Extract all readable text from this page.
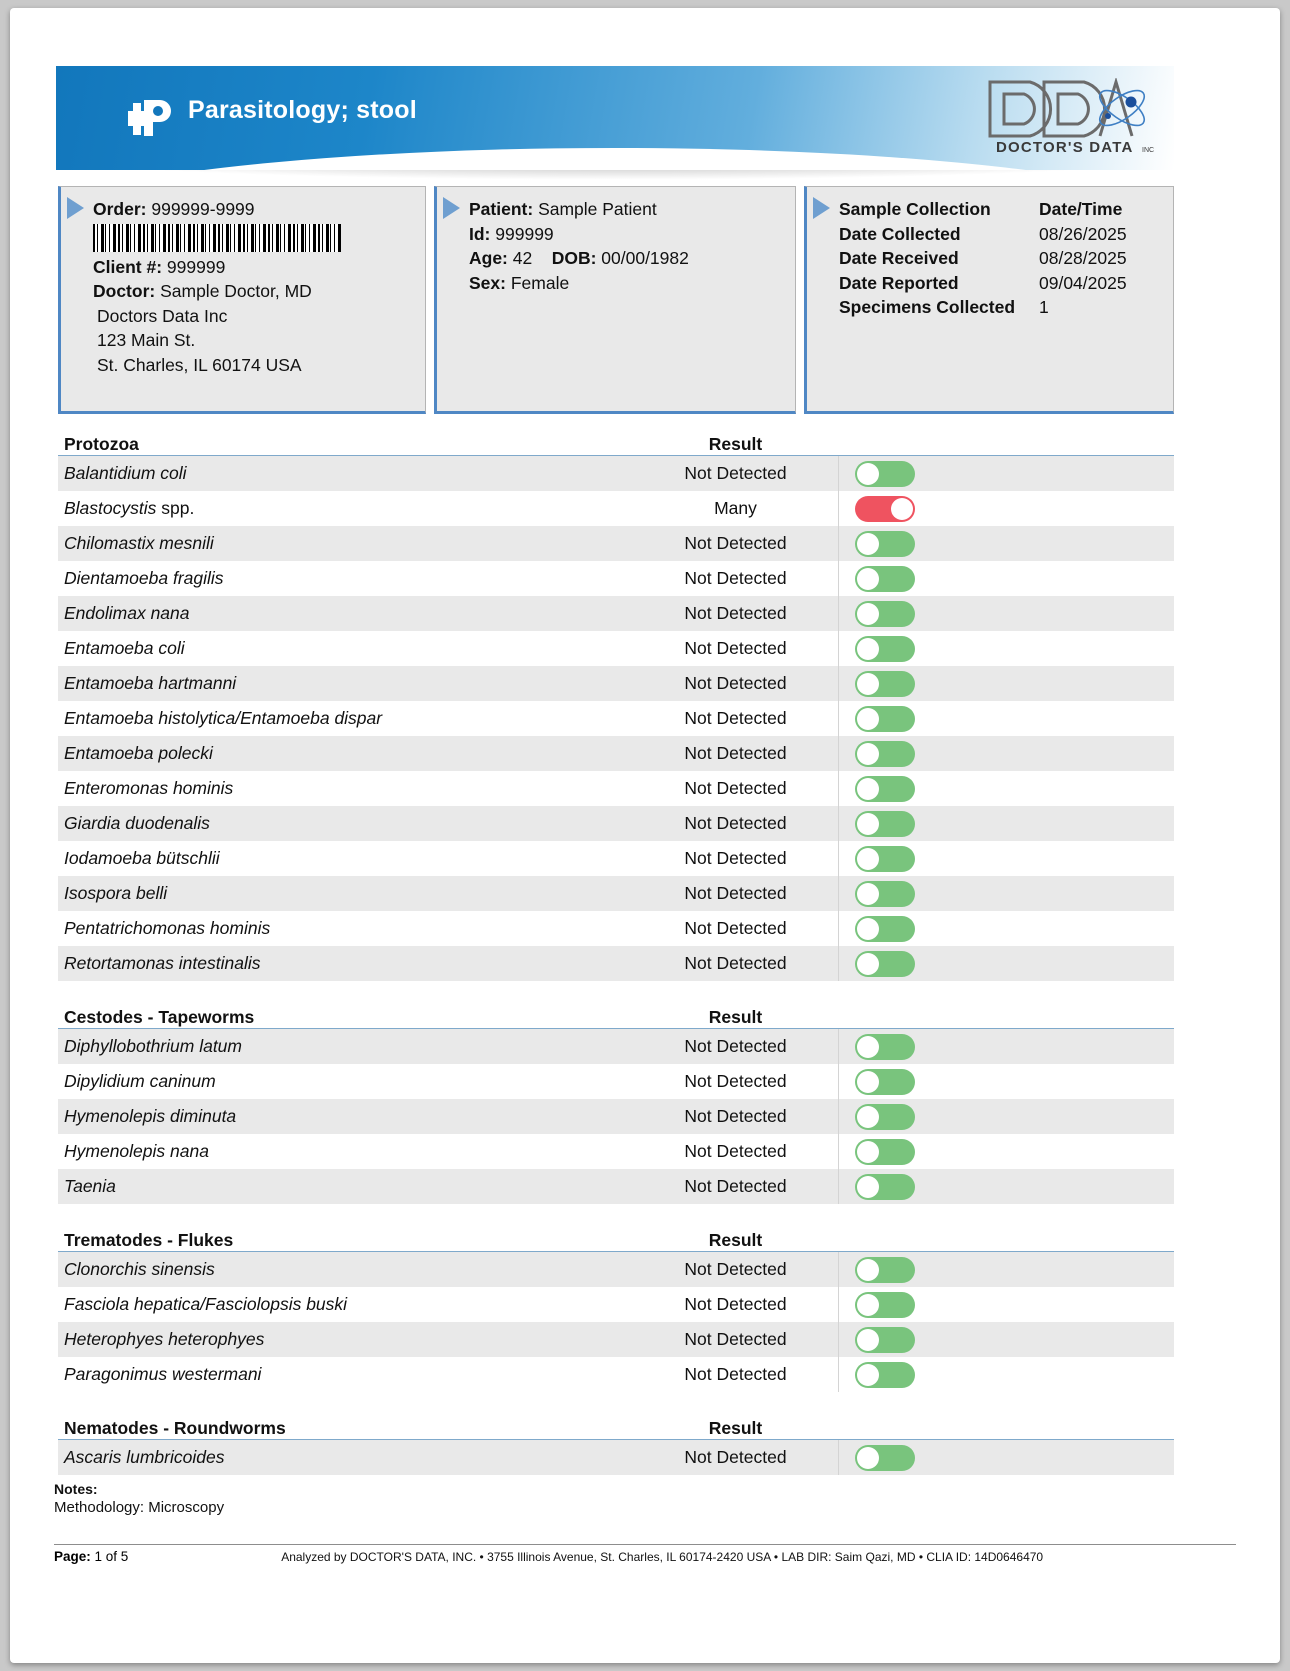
Parasitology; stool
DOCTOR'S DATA INC
Order: 999999-9999
Client #: 999999
Doctor: Sample Doctor, MD
Doctors Data Inc
123 Main St.
St. Charles, IL 60174 USA
Patient: Sample Patient
Id: 999999
Age: 42 DOB: 00/00/1982
Sex: Female
Sample Collection	Date/Time
Date Collected	08/26/2025
Date Received	08/28/2025
Date Reported	09/04/2025
Specimens Collected	1
Protozoa	Result
Balantidium coli	Not Detected
Blastocystis spp.	Many
Chilomastix mesnili	Not Detected
Dientamoeba fragilis	Not Detected
Endolimax nana	Not Detected
Entamoeba coli	Not Detected
Entamoeba hartmanni	Not Detected
Entamoeba histolytica/Entamoeba dispar	Not Detected
Entamoeba polecki	Not Detected
Enteromonas hominis	Not Detected
Giardia duodenalis	Not Detected
Iodamoeba bütschlii	Not Detected
Isospora belli	Not Detected
Pentatrichomonas hominis	Not Detected
Retortamonas intestinalis	Not Detected
Cestodes - Tapeworms	Result
Diphyllobothrium latum	Not Detected
Dipylidium caninum	Not Detected
Hymenolepis diminuta	Not Detected
Hymenolepis nana	Not Detected
Taenia	Not Detected
Trematodes - Flukes	Result
Clonorchis sinensis	Not Detected
Fasciola hepatica/Fasciolopsis buski	Not Detected
Heterophyes heterophyes	Not Detected
Paragonimus westermani	Not Detected
Nematodes - Roundworms	Result
Ascaris lumbricoides	Not Detected
Notes:
Methodology: Microscopy
Page: 1 of 5	Analyzed by DOCTOR'S DATA, INC. • 3755 Illinois Avenue, St. Charles, IL 60174-2420 USA • LAB DIR: Saim Qazi, MD • CLIA ID: 14D0646470
